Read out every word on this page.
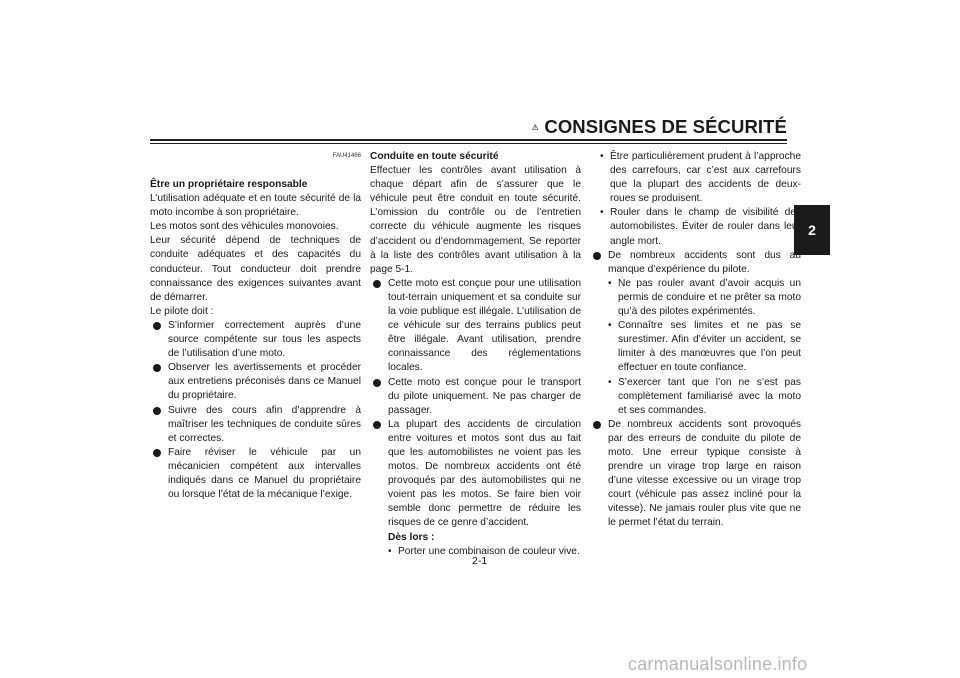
CONSIGNES DE SÉCURITÉ
2
FAU41466

Être un propriétaire responsable

L’utilisation adéquate et en toute sécurité de la moto incombe à son propriétaire.

Les motos sont des véhicules monovoies.

Leur sécurité dépend de techniques de conduite adéquates et des capacités du conducteur. Tout conducteur doit prendre connaissance des exigences suivantes avant de démarrer.

Le pilote doit :

S’informer correctement auprès d’une source compétente sur tous les aspects de l’utilisation d’une moto.

Observer les avertissements et procéder aux entretiens préconisés dans ce Manuel du propriétaire.

Suivre des cours afin d’apprendre à maîtriser les techniques de conduite sûres et correctes.

Faire réviser le véhicule par un mécanicien compétent aux intervalles indiqués dans ce Manuel du propriétaire ou lorsque l’état de la mécanique l’exige.

Conduite en toute sécurité

Effectuer les contrôles avant utilisation à chaque départ afin de s’assurer que le véhicule peut être conduit en toute sécurité. L’omission du contrôle ou de l’entretien correcte du véhicule augmente les risques d’accident ou d’endommagement. Se reporter à la liste des contrôles avant utilisation à la page 5-1.

Cette moto est conçue pour une utilisation tout-terrain uniquement et sa conduite sur la voie publique est illégale. L’utilisation de ce véhicule sur des terrains publics peut être illégale. Avant utilisation, prendre connaissance des réglementations locales.

Cette moto est conçue pour le transport du pilote uniquement. Ne pas charger de passager.

La plupart des accidents de circulation entre voitures et motos sont dus au fait que les automobilistes ne voient pas les motos. De nombreux accidents ont été provoqués par des automobilistes qui ne voient pas les motos. Se faire bien voir semble donc permettre de réduire les risques de ce genre d’accident.

Dès lors :

• Porter une combinaison de couleur vive.

• Être particulièrement prudent à l’approche des carrefours, car c’est aux carrefours que la plupart des accidents de deux-roues se produisent.

• Rouler dans le champ de visibilité des automobilistes. Éviter de rouler dans leur angle mort.

De nombreux accidents sont dus au manque d’expérience du pilote.

• Ne pas rouler avant d’avoir acquis un permis de conduire et ne prêter sa moto qu’à des pilotes expérimentés.

• Connaître ses limites et ne pas se surestimer. Afin d’éviter un accident, se limiter à des manœuvres que l’on peut effectuer en toute confiance.

• S’exercer tant que l’on ne s’est pas complètement familiarisé avec la moto et ses commandes.

De nombreux accidents sont provoqués par des erreurs de conduite du pilote de moto. Une erreur typique consiste à prendre un virage trop large en raison d’une vitesse excessive ou un virage trop court (véhicule pas assez incliné pour la vitesse). Ne jamais rouler plus vite que ne le permet l’état du terrain.

2-1
carmanualsonline.info
